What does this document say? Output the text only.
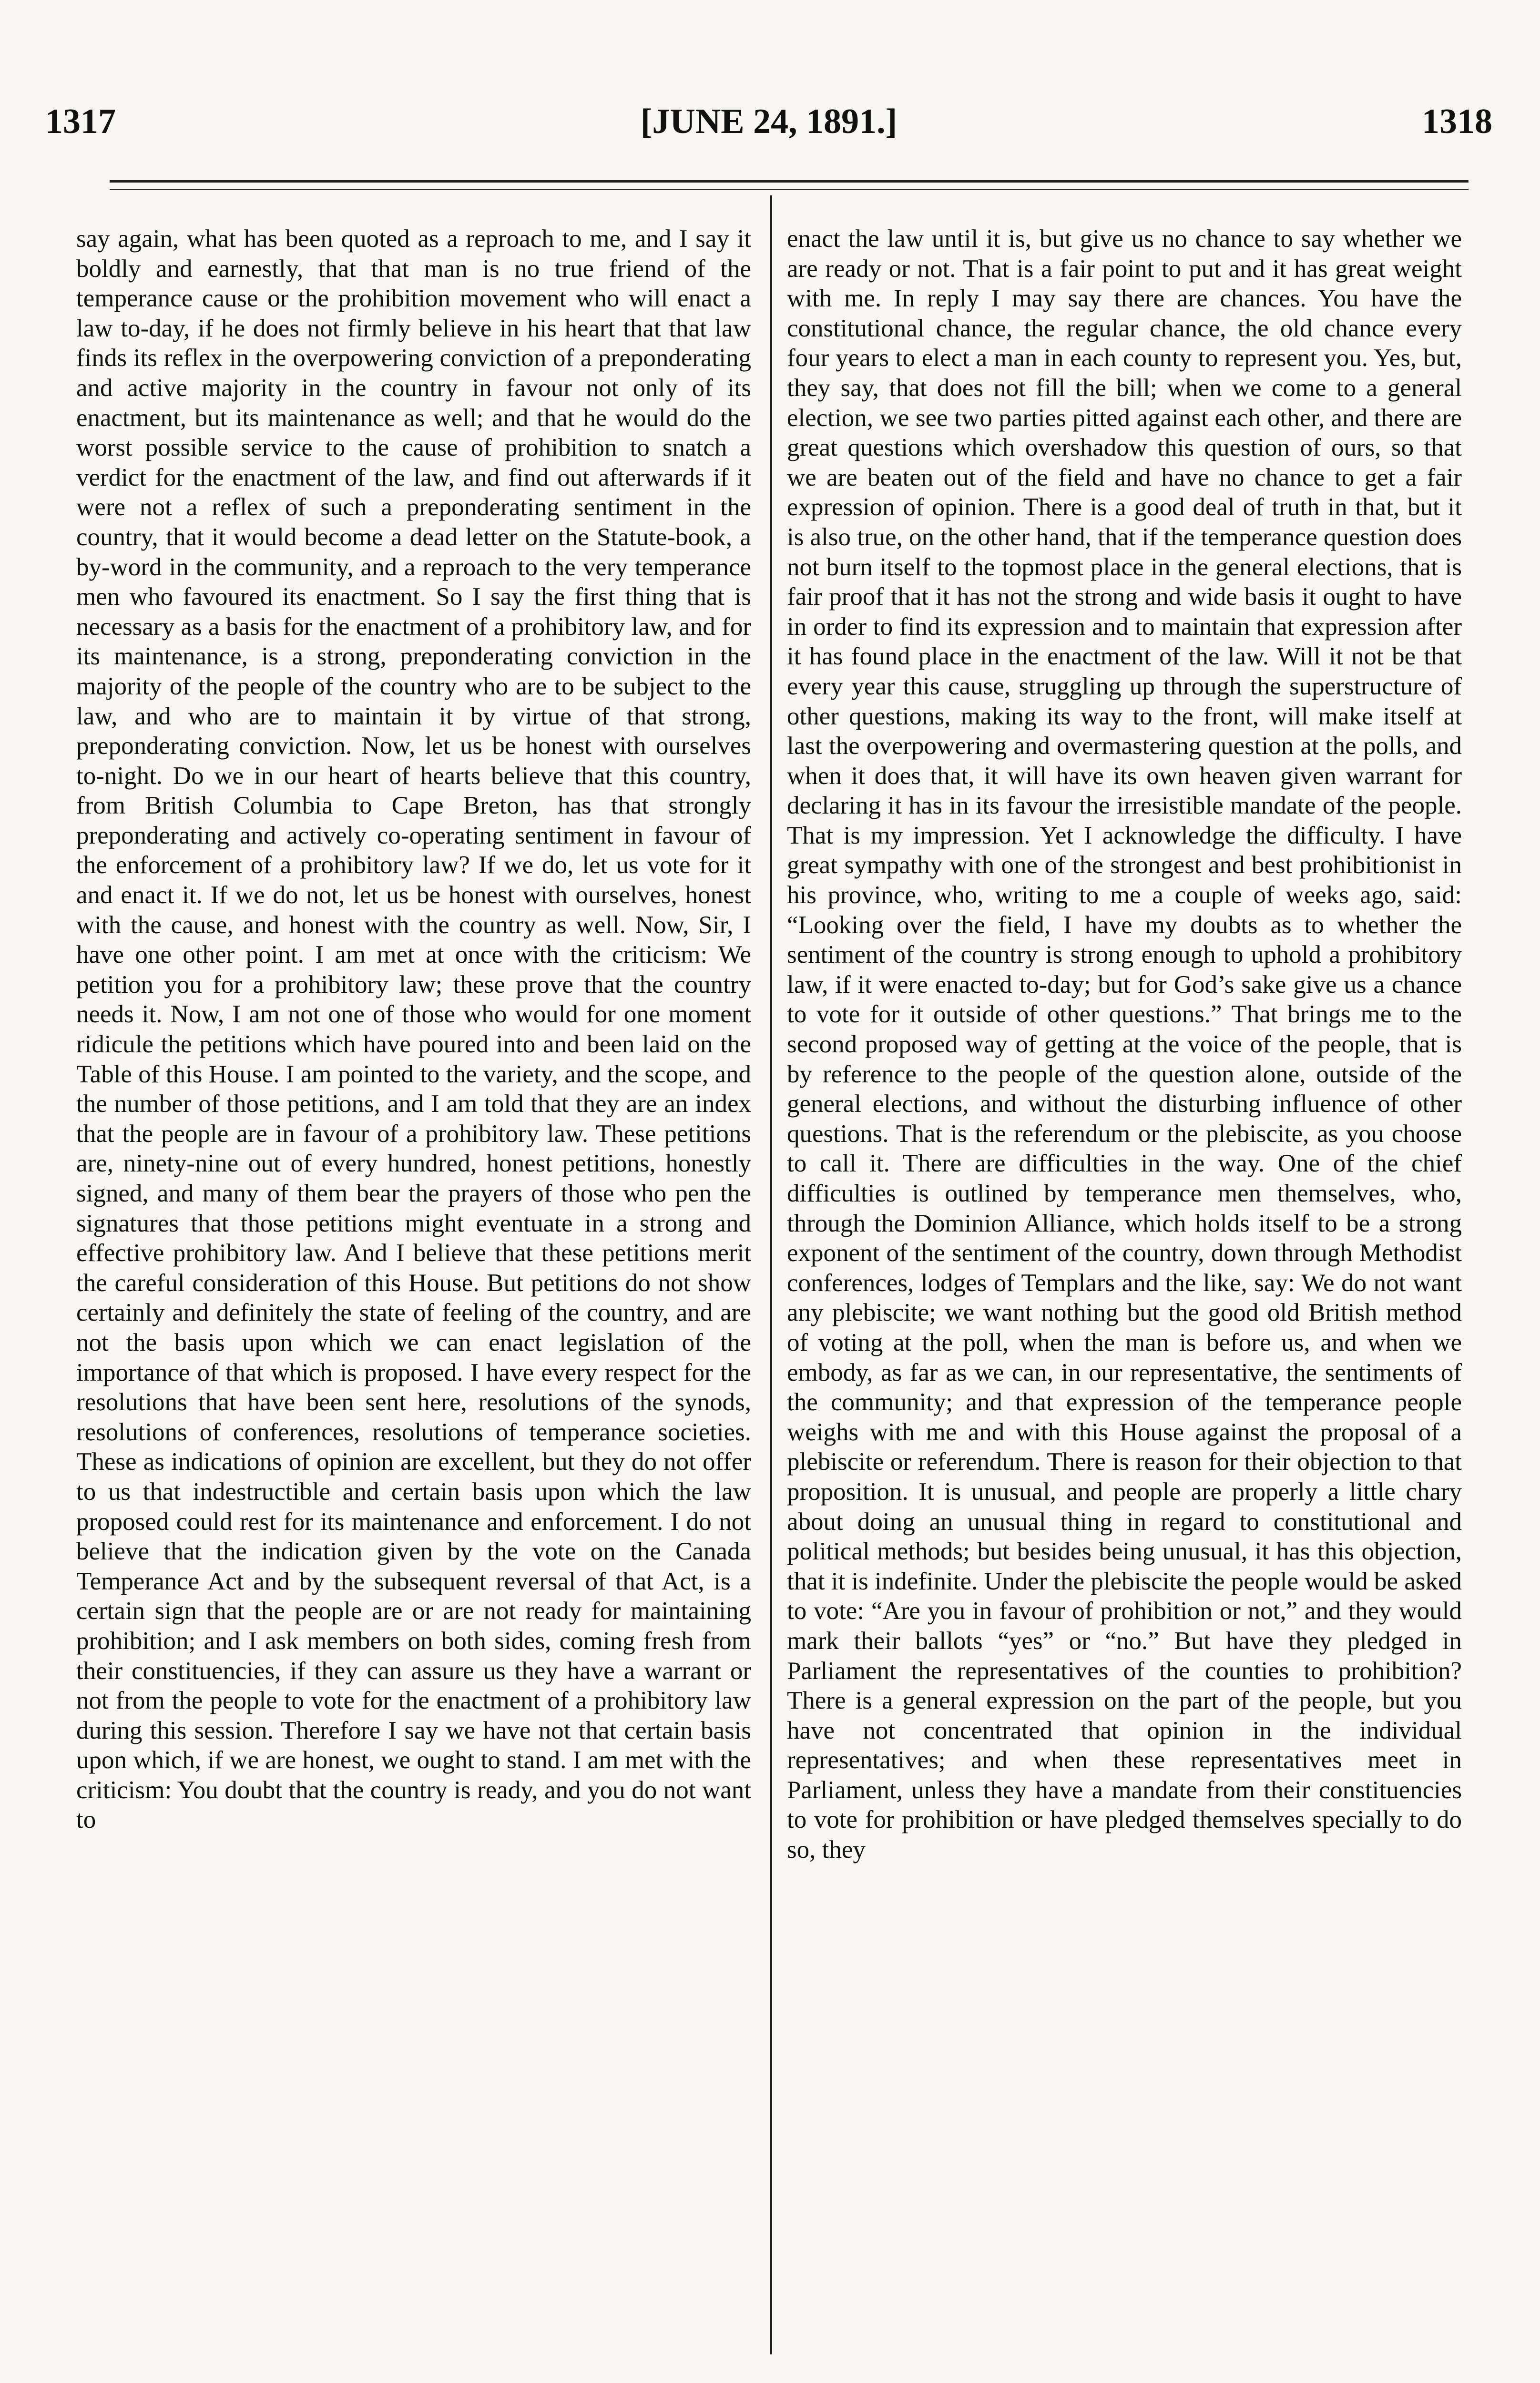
1317	[JUNE 24, 1891.]	1318

say again, what has been quoted as a reproach to me, and I say it boldly and earnestly, that that man is no true friend of the temperance cause or the prohibition movement who will enact a law to-day, if he does not firmly believe in his heart that that law finds its reflex in the overpowering conviction of a preponderating and active majority in the country in favour not only of its enactment, but its maintenance as well; and that he would do the worst possible service to the cause of prohibition to snatch a verdict for the enactment of the law, and find out afterwards if it were not a reflex of such a preponderating sentiment in the country, that it would become a dead letter on the Statute-book, a by-word in the community, and a reproach to the very temperance men who favoured its enactment. So I say the first thing that is necessary as a basis for the enactment of a prohibitory law, and for its maintenance, is a strong, preponderating conviction in the majority of the people of the country who are to be subject to the law, and who are to maintain it by virtue of that strong, preponderating conviction. Now, let us be honest with ourselves to-night. Do we in our heart of hearts believe that this country, from British Columbia to Cape Breton, has that strongly preponderating and actively co-operating sentiment in favour of the enforcement of a prohibitory law? If we do, let us vote for it and enact it. If we do not, let us be honest with ourselves, honest with the cause, and honest with the country as well. Now, Sir, I have one other point. I am met at once with the criticism: We petition you for a prohibitory law; these prove that the country needs it. Now, I am not one of those who would for one moment ridicule the petitions which have poured into and been laid on the Table of this House. I am pointed to the variety, and the scope, and the number of those petitions, and I am told that they are an index that the people are in favour of a prohibitory law. These petitions are, ninety-nine out of every hundred, honest petitions, honestly signed, and many of them bear the prayers of those who pen the signatures that those petitions might eventuate in a strong and effective prohibitory law. And I believe that these petitions merit the careful consideration of this House. But petitions do not show certainly and definitely the state of feeling of the country, and are not the basis upon which we can enact legislation of the importance of that which is proposed. I have every respect for the resolutions that have been sent here, resolutions of the synods, resolutions of conferences, resolutions of temperance societies. These as indications of opinion are excellent, but they do not offer to us that indestructible and certain basis upon which the law proposed could rest for its maintenance and enforcement. I do not believe that the indication given by the vote on the Canada Temperance Act and by the subsequent reversal of that Act, is a certain sign that the people are or are not ready for maintaining prohibition; and I ask members on both sides, coming fresh from their constituencies, if they can assure us they have a warrant or not from the people to vote for the enactment of a prohibitory law during this session. Therefore I say we have not that certain basis upon which, if we are honest, we ought to stand. I am met with the criticism: You doubt that the country is ready, and you do not want to

enact the law until it is, but give us no chance to say whether we are ready or not. That is a fair point to put and it has great weight with me. In reply I may say there are chances. You have the constitutional chance, the regular chance, the old chance every four years to elect a man in each county to represent you. Yes, but, they say, that does not fill the bill; when we come to a general election, we see two parties pitted against each other, and there are great questions which overshadow this question of ours, so that we are beaten out of the field and have no chance to get a fair expression of opinion. There is a good deal of truth in that, but it is also true, on the other hand, that if the temperance question does not burn itself to the topmost place in the general elections, that is fair proof that it has not the strong and wide basis it ought to have in order to find its expression and to maintain that expression after it has found place in the enactment of the law. Will it not be that every year this cause, struggling up through the superstructure of other questions, making its way to the front, will make itself at last the overpowering and overmastering question at the polls, and when it does that, it will have its own heaven given warrant for declaring it has in its favour the irresistible mandate of the people. That is my impression. Yet I acknowledge the difficulty. I have great sympathy with one of the strongest and best prohibitionist in his province, who, writing to me a couple of weeks ago, said: “Looking over the field, I have my doubts as to whether the sentiment of the country is strong enough to uphold a prohibitory law, if it were enacted to-day; but for God’s sake give us a chance to vote for it outside of other questions.” That brings me to the second proposed way of getting at the voice of the people, that is by reference to the people of the question alone, outside of the general elections, and without the disturbing influence of other questions. That is the referendum or the plebiscite, as you choose to call it. There are difficulties in the way. One of the chief difficulties is outlined by temperance men themselves, who, through the Dominion Alliance, which holds itself to be a strong exponent of the sentiment of the country, down through Methodist conferences, lodges of Templars and the like, say: We do not want any plebiscite; we want nothing but the good old British method of voting at the poll, when the man is before us, and when we embody, as far as we can, in our representative, the sentiments of the community; and that expression of the temperance people weighs with me and with this House against the proposal of a plebiscite or referendum. There is reason for their objection to that proposition. It is unusual, and people are properly a little chary about doing an unusual thing in regard to constitutional and political methods; but besides being unusual, it has this objection, that it is indefinite. Under the plebiscite the people would be asked to vote: “Are you in favour of prohibition or not,” and they would mark their ballots “yes” or “no.” But have they pledged in Parliament the representatives of the counties to prohibition? There is a general expression on the part of the people, but you have not concentrated that opinion in the individual representatives; and when these representatives meet in Parliament, unless they have a mandate from their constituencies to vote for prohibition or have pledged themselves specially to do so, they
